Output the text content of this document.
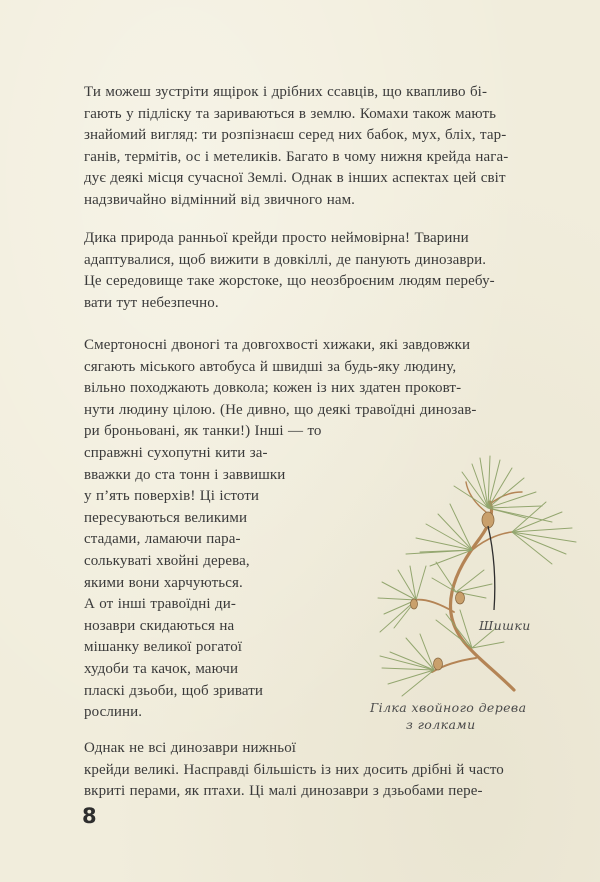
Ти можеш зустріти ящірок і дрібних ссавців, що кваплив​о бі-
гають у підліску та зариваються в землю. Комахи також мають
знайомий вигляд: ти розпізнаєш серед них бабок, мух, бліх, тар-
ганів, термітів, ос і метеликів. Багато в чому нижня крейда нага-
дує деякі місця сучасної Землі. Однак в інших аспектах цей світ
надзвичайно відмінний від звичного нам.
Дика природа ранньої крейди просто неймовірна! Тварини
адаптувалися, щоб вижити в довкіллі, де панують динозаври.
Це середовище таке жорстоке, що неозброєним людям перебу-
вати тут небезпечно.
Смертоносні двоногі та довгохвості хижаки, які завдовжки
сягають міського автобуса й швидші за будь-яку людину,
вільно походжають довкола; кожен із них здатен проковт-
нути людину цілою. (Не дивно, що деякі травоїдні динозав-
ри броньовані, як танки!) Інші — то
справжні сухопутні кити за-
вважки до ста тонн і заввишки
у п’ять поверхів! Ці істоти
пересуваються великими
стадами, ламаючи пара-
солькуваті хвойні дерева,
якими вони харчуються.
А от інші травоїдні ди-
нозаври скидаються на
мішанку великої рогатої
худоби та качок, маючи
пласкі дзьоби, щоб зривати
рослини.
Шишки
Гілка хвойного дерева
з голками
Однак не всі динозаври нижньої
крейди великі. Насправді більшість із них досить дрібні й часто
вкриті перами, як птахи. Ці малі динозаври з дзьобами пере-
8
